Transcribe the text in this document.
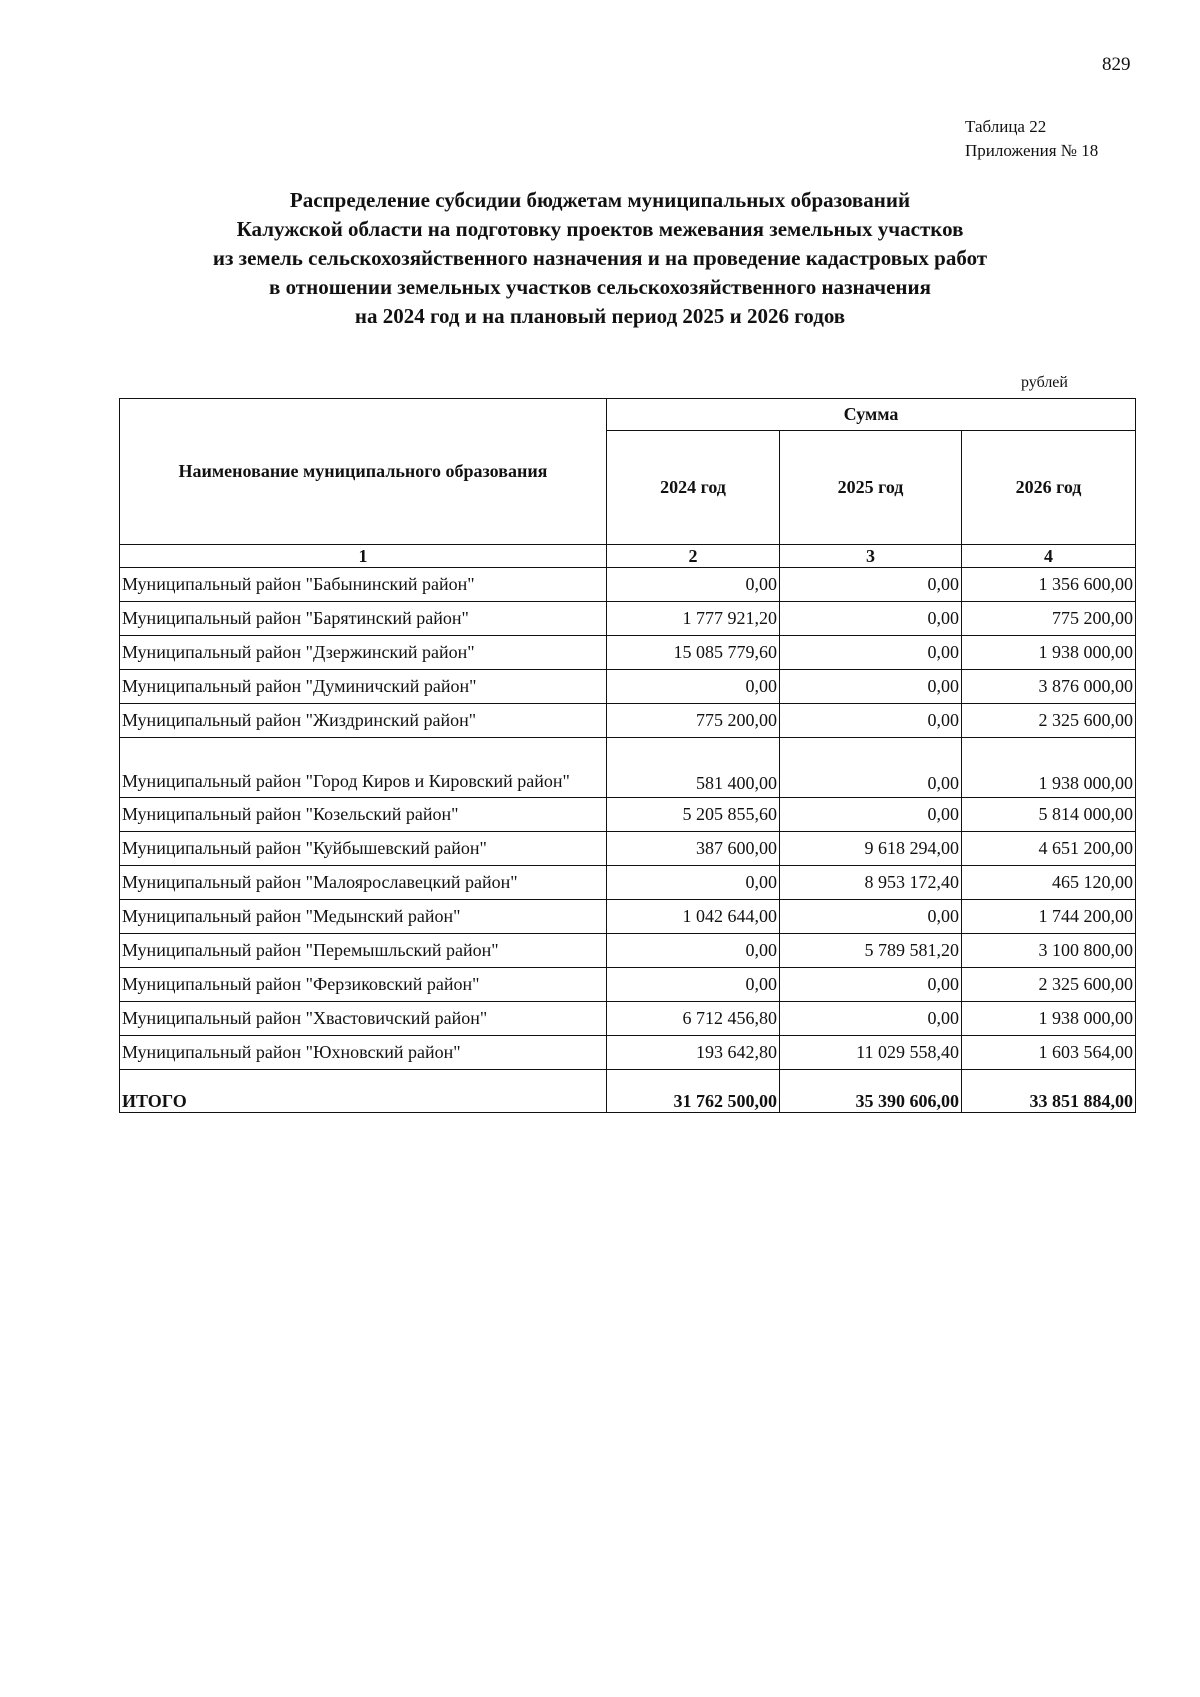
829
Таблица 22
Приложения № 18
Распределение субсидии бюджетам муниципальных образований
Калужской области на подготовку проектов межевания земельных участков
из земель сельскохозяйственного назначения и на проведение кадастровых работ
в отношении земельных участков сельскохозяйственного назначения
на 2024 год и на плановый период 2025 и 2026 годов
рублей
Наименование муниципального образования	Сумма		
	2024 год	2025 год	2026 год
1	2	3	4
Муниципальный район "Бабынинский район"	0,00	0,00	1 356 600,00
Муниципальный район "Барятинский район"	1 777 921,20	0,00	775 200,00
Муниципальный район "Дзержинский район"	15 085 779,60	0,00	1 938 000,00
Муниципальный район "Думиничский район"	0,00	0,00	3 876 000,00
Муниципальный район "Жиздринский район"	775 200,00	0,00	2 325 600,00
Муниципальный район "Город Киров и Кировский район"	581 400,00	0,00	1 938 000,00
Муниципальный район "Козельский район"	5 205 855,60	0,00	5 814 000,00
Муниципальный район "Куйбышевский район"	387 600,00	9 618 294,00	4 651 200,00
Муниципальный район "Малоярославецкий район"	0,00	8 953 172,40	465 120,00
Муниципальный район "Медынский район"	1 042 644,00	0,00	1 744 200,00
Муниципальный район "Перемышльский район"	0,00	5 789 581,20	3 100 800,00
Муниципальный район "Ферзиковский район"	0,00	0,00	2 325 600,00
Муниципальный район "Хвастовичский район"	6 712 456,80	0,00	1 938 000,00
Муниципальный район "Юхновский район"	193 642,80	11 029 558,40	1 603 564,00
ИТОГО	31 762 500,00	35 390 606,00	33 851 884,00
